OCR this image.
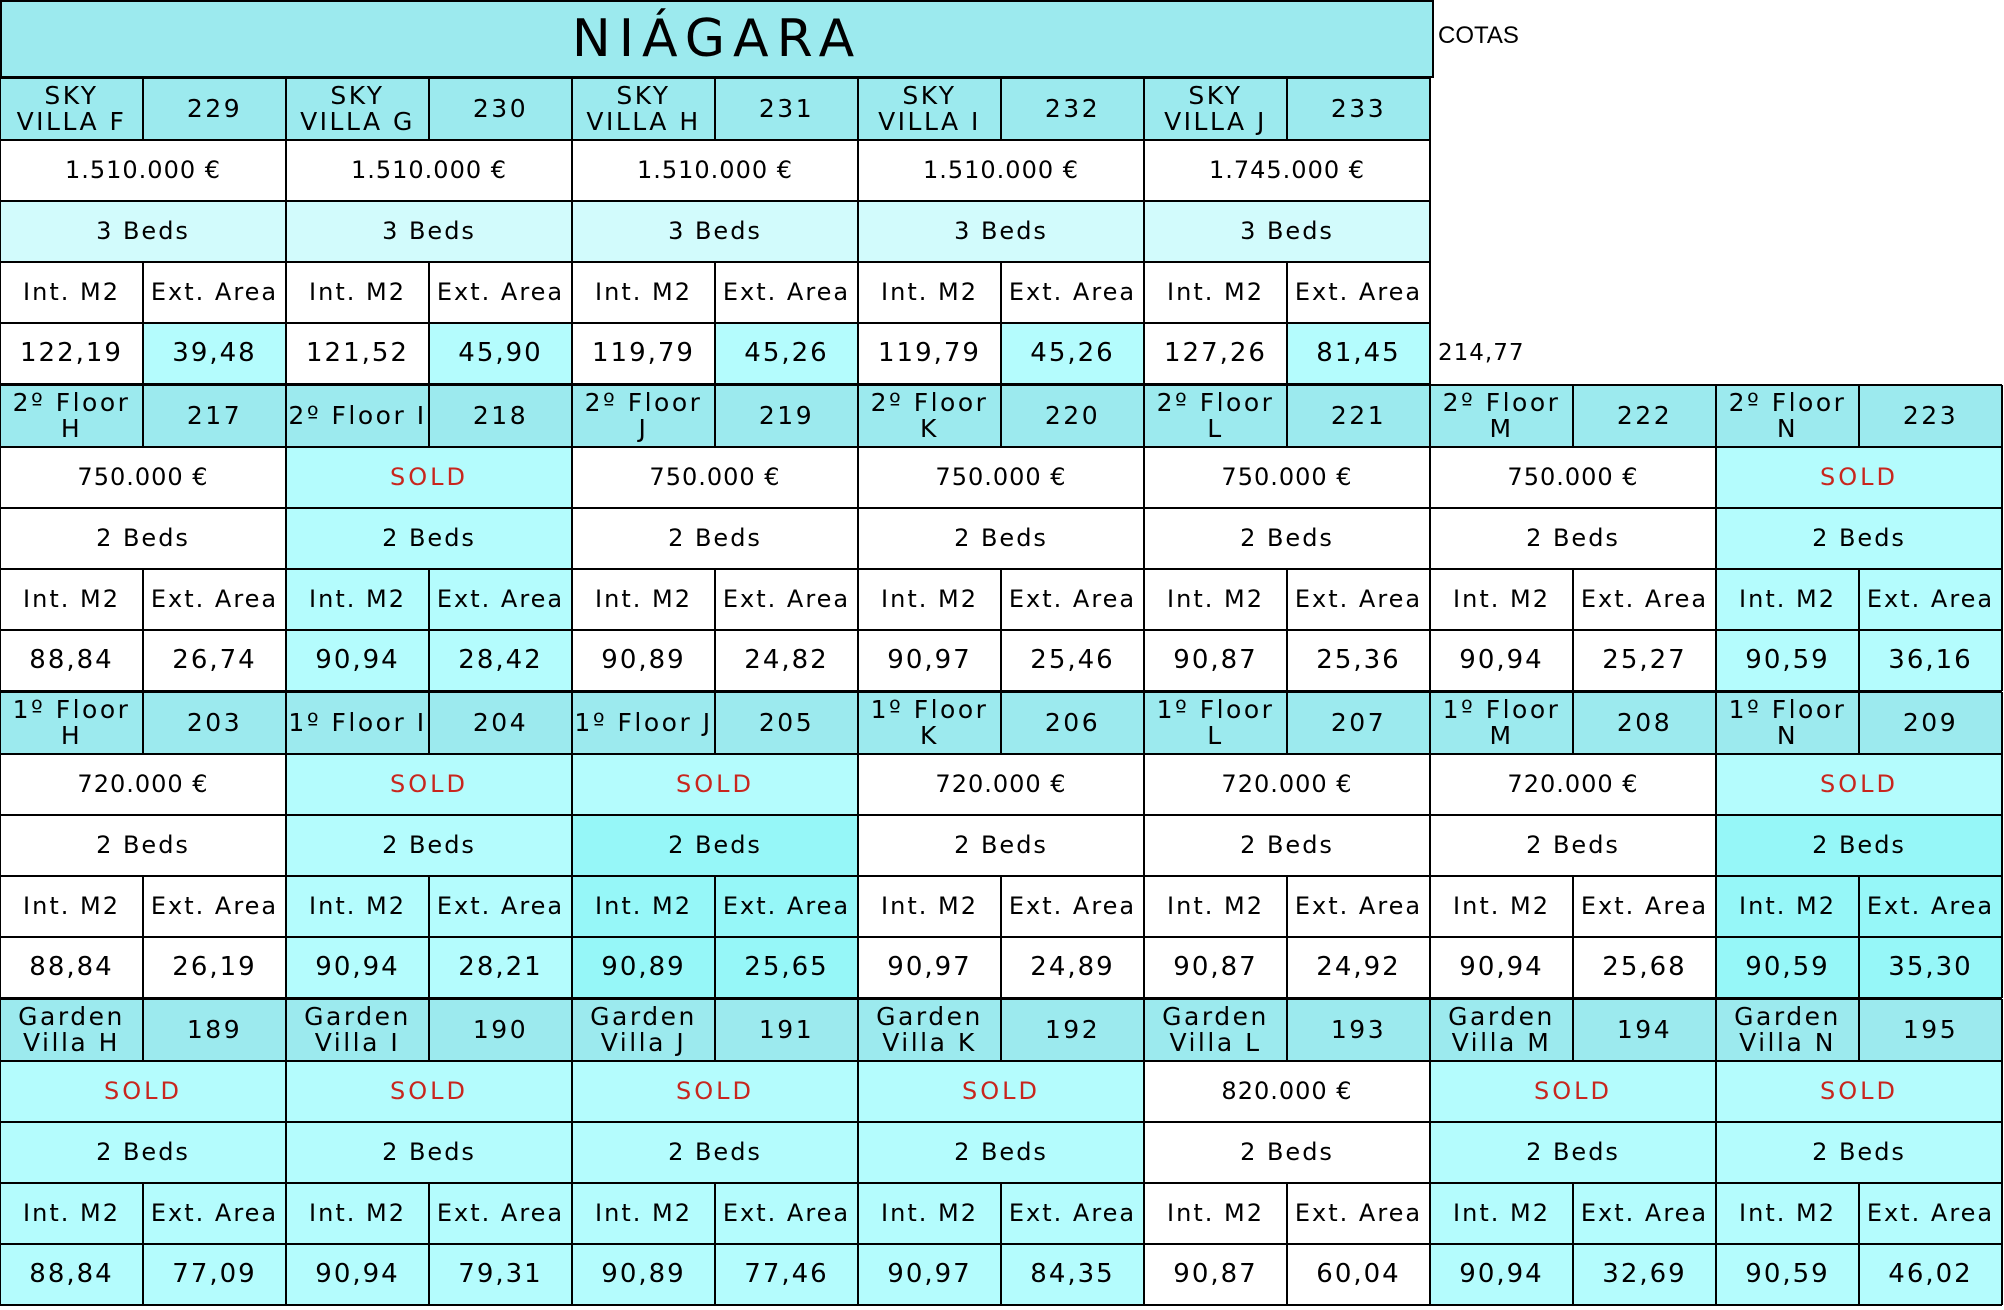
NIÁGARA	COTAS
214,77
SKY
VILLA F	229
1.510.000 €
3 Beds
Int. M2	Ext. Area
122,19	39,48
SKY
VILLA G	230
1.510.000 €
3 Beds
Int. M2	Ext. Area
121,52	45,90
SKY
VILLA H	231
1.510.000 €
3 Beds
Int. M2	Ext. Area
119,79	45,26
SKY
VILLA I	232
1.510.000 €
3 Beds
Int. M2	Ext. Area
119,79	45,26
SKY
VILLA J	233
1.745.000 €
3 Beds
Int. M2	Ext. Area
127,26	81,45
2º Floor
H	217
750.000 €
2 Beds
Int. M2	Ext. Area
88,84	26,74
2º Floor I	218
SOLD
2 Beds
Int. M2	Ext. Area
90,94	28,42
2º Floor
J	219
750.000 €
2 Beds
Int. M2	Ext. Area
90,89	24,82
2º Floor
K	220
750.000 €
2 Beds
Int. M2	Ext. Area
90,97	25,46
2º Floor
L	221
750.000 €
2 Beds
Int. M2	Ext. Area
90,87	25,36
2º Floor
M	222
750.000 €
2 Beds
Int. M2	Ext. Area
90,94	25,27
2º Floor
N	223
SOLD
2 Beds
Int. M2	Ext. Area
90,59	36,16
1º Floor
H	203
720.000 €
2 Beds
Int. M2	Ext. Area
88,84	26,19
1º Floor I	204
SOLD
2 Beds
Int. M2	Ext. Area
90,94	28,21
1º Floor J	205
SOLD
2 Beds
Int. M2	Ext. Area
90,89	25,65
1º Floor K	206
720.000 €
2 Beds
Int. M2	Ext. Area
90,97	24,89
1º Floor L	207
720.000 €
2 Beds
Int. M2	Ext. Area
90,87	24,92
1º Floor
M	208
720.000 €
2 Beds
Int. M2	Ext. Area
90,94	25,68
1º Floor
N	209
SOLD
2 Beds
Int. M2	Ext. Area
90,59	35,30
Garden
Villa H	189
SOLD
2 Beds
Int. M2	Ext. Area
88,84	77,09
Garden
Villa I	190
SOLD
2 Beds
Int. M2	Ext. Area
90,94	79,31
Garden
Villa J	191
SOLD
2 Beds
Int. M2	Ext. Area
90,89	77,46
Garden
Villa K	192
SOLD
2 Beds
Int. M2	Ext. Area
90,97	84,35
Garden
Villa L	193
820.000 €
2 Beds
Int. M2	Ext. Area
90,87	60,04
Garden
Villa M	194
SOLD
2 Beds
Int. M2	Ext. Area
90,94	32,69
Garden
Villa N	195
SOLD
2 Beds
Int. M2	Ext. Area
90,59	46,02
